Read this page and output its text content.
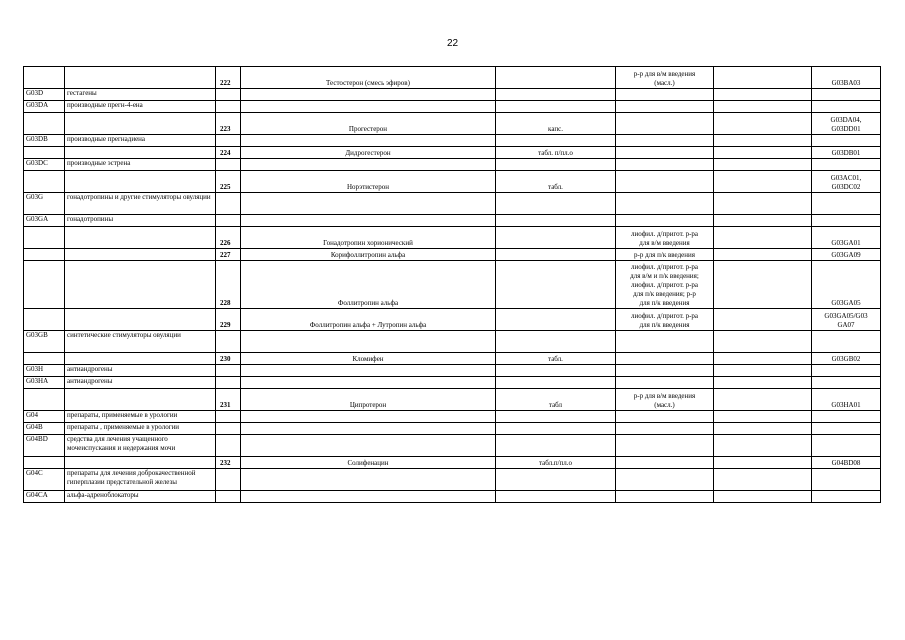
22
		222	Тестостерон (смесь эфиров)		р-р для в/м введения
(масл.)		G03BA03

G03D	гестагены				

G03DA	производные прегн-4-ена				

		223	Прогестерон	капс.			G03DA04,
G03DD01

G03DB	производные прегнадиена				

		224	Дидрогестерон	табл. п/пл.о			G03DB01

G03DC	производные эстрена				

		225	Норэтистерон	табл.			G03AC01,
G03DC02

G03G	гонадотропины и другие стимуляторы овуляции				

G03GA	гонадотропины				

		226	Гонадотропин хорионический		лиофил. д/пригот. р-ра
для в/м введения		G03GA01

		227	Корифоллитропин альфа		р-р для п/к введения		G03GA09

		228	Фоллитропин альфа		лиофил. д/пригот. р-ра
для в/м и п/к введения;
лиофил. д/пригот. р-ра
для п/к введения; р-р
для п/к введения		G03GA05

		229	Фоллитропин альфа + Лутропин альфа		лиофил. д/пригот. р-ра
для п/к введения		G03GA05/G03
GA07

G03GB	синтетические стимуляторы овуляции				

		230	Кломифен	табл.			G03GB02

G03H	антиандрогены				

G03HA	антиандрогены				

		231	Ципротерон	табл	р-р для в/м введения
(масл.)		G03HA01

G04	препараты, применяемые в урологии				

G04B	препараты , применяемые в урологии				

G04BD	средства для лечения учащенного мочеиспускания и недержания мочи				

		232	Солифенацин	табл.п/пл.о			G04BD08

G04C	препараты для лечения доброкачественной гиперплазии предстательной железы				

G04CA	альфа-адреноблокаторы				
